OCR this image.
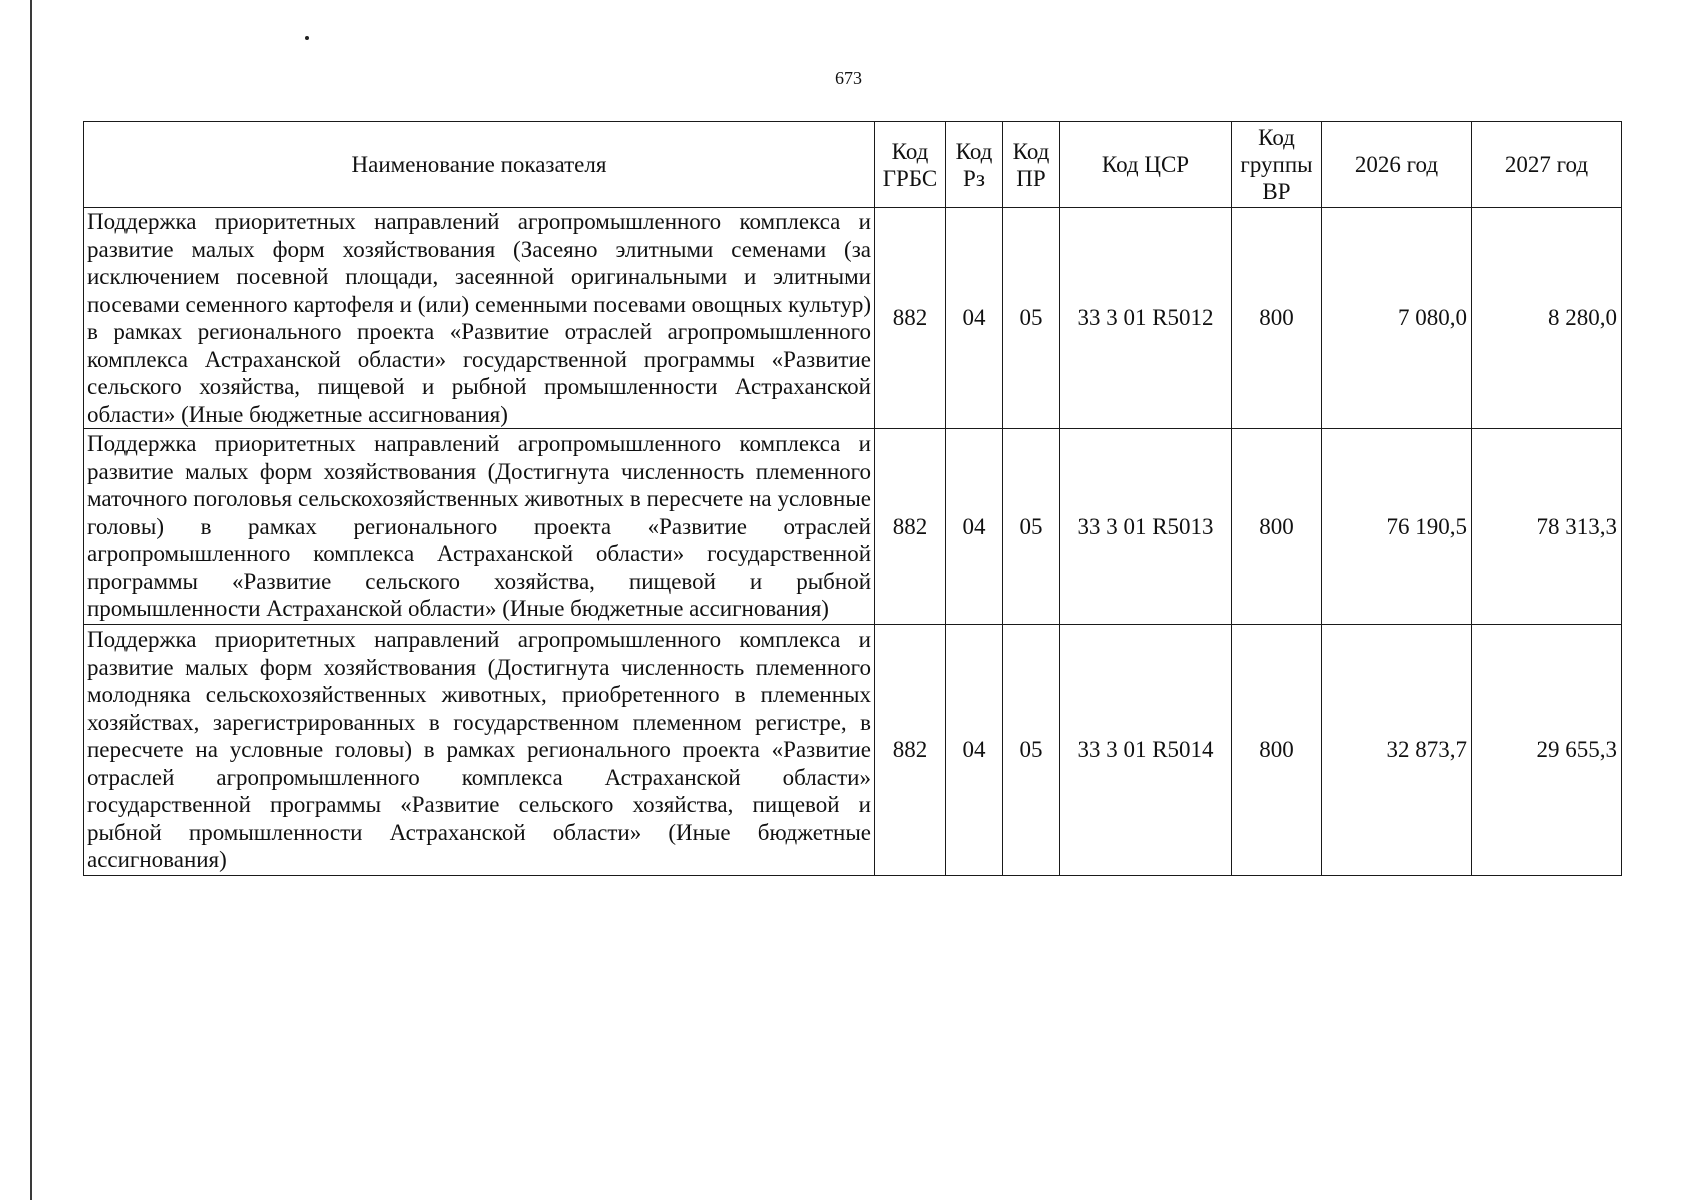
673
Наименование показателя	Код ГРБС	Код Рз	Код ПР	Код ЦСР	Код группы ВР	2026 год	2027 год
Поддержка приоритетных направлений агропромышленного комплекса и развитие малых форм хозяйствования (Засеяно элитными семенами (за исключением посевной площади, засеянной оригинальными и элитными посевами семенного картофеля и (или) семенными посевами овощных культур) в рамках регионального проекта «Развитие отраслей агропромышленного комплекса Астраханской области» государственной программы «Развитие сельского хозяйства, пищевой и рыбной промышленности Астраханской области» (Иные бюджетные ассигнования)	882	04	05	33 3 01 R5012	800	7 080,0	8 280,0
Поддержка приоритетных направлений агропромышленного комплекса и развитие малых форм хозяйствования (Достигнута численность племенного маточного поголовья сельскохозяйственных животных в пересчете на условные головы) в рамках регионального проекта «Развитие отраслей агропромышленного комплекса Астраханской области» государственной программы «Развитие сельского хозяйства, пищевой и рыбной промышленности Астраханской области» (Иные бюджетные ассигнования)	882	04	05	33 3 01 R5013	800	76 190,5	78 313,3
Поддержка приоритетных направлений агропромышленного комплекса и развитие малых форм хозяйствования (Достигнута численность племенного молодняка сельскохозяйственных животных, приобретенного в племенных хозяйствах, зарегистрированных в государственном племенном регистре, в пересчете на условные головы) в рамках регионального проекта «Развитие отраслей агропромышленного комплекса Астраханской области» государственной программы «Развитие сельского хозяйства, пищевой и рыбной промышленности Астраханской области» (Иные бюджетные ассигнования)	882	04	05	33 3 01 R5014	800	32 873,7	29 655,3
